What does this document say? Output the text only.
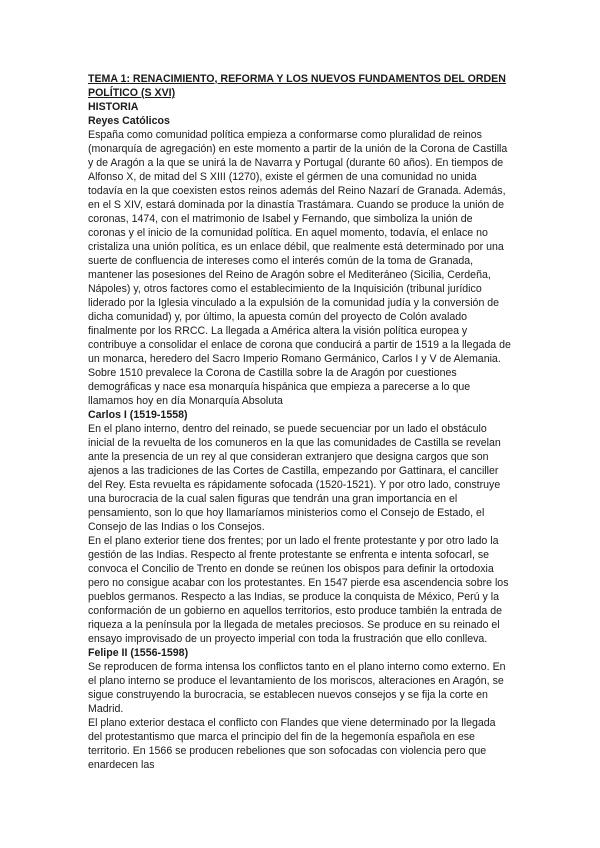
TEMA 1: RENACIMIENTO, REFORMA Y LOS NUEVOS FUNDAMENTOS DEL ORDEN POLÍTICO (S XVI)
HISTORIA
Reyes Católicos

España como comunidad política empieza a conformarse como pluralidad de reinos (monarquía de agregación) en este momento a partir de la unión de la Corona de Castilla y de Aragón a la que se unirá la de Navarra y Portugal (durante 60 años). En tiempos de Alfonso X, de mitad del S XIII (1270), existe el gérmen de una comunidad no unida todavía en la que coexisten estos reinos además del Reino Nazarí de Granada. Además, en el S XIV, estará dominada por la dinastía Trastámara. Cuando se produce la unión de coronas, 1474, con el matrimonio de Isabel y Fernando, que simboliza la unión de coronas y el inicio de la comunidad política. En aquel momento, todavía, el enlace no cristaliza una unión política, es un enlace débil, que realmente está determinado por una suerte de confluencia de intereses como el interés común de la toma de Granada, mantener las posesiones del Reino de Aragón sobre el Mediteráneo (Sicilia, Cerdeña, Nápoles) y, otros factores como el establecimiento de la Inquisición (tribunal jurídico liderado por la Iglesia vinculado a la expulsión de la comunidad judía y la conversión de dicha comunidad) y, por último, la apuesta común del proyecto de Colón avalado finalmente por los RRCC. La llegada a América altera la visión política europea y contribuye a consolidar el enlace de corona que conducirá a partir de 1519 a la llegada de un monarca, heredero del Sacro Imperio Romano Germánico, Carlos I y V de Alemania.

Sobre 1510 prevalece la Corona de Castilla sobre la de Aragón por cuestiones demográficas y nace esa monarquía hispánica que empieza a parecerse a lo que llamamos hoy en día Monarquía Absoluta

Carlos I (1519-1558)

En el plano interno, dentro del reinado, se puede secuenciar por un lado el obstáculo inicial de la revuelta de los comuneros en la que las comunidades de Castilla se revelan ante la presencia de un rey al que consideran extranjero que designa cargos que son ajenos a las tradiciones de las Cortes de Castilla, empezando por Gattinara, el canciller del Rey. Esta revuelta es rápidamente sofocada (1520-1521). Y por otro lado, construye una burocracia de la cual salen figuras que tendrán una gran importancia en el pensamiento, son lo que hoy llamaríamos ministerios como el Consejo de Estado, el Consejo de las Indias o los Consejos.

En el plano exterior tiene dos frentes; por un lado el frente protestante y por otro lado la gestión de las Indias. Respecto al frente protestante se enfrenta e intenta sofocarl, se convoca el Concilio de Trento en donde se reúnen los obispos para definir la ortodoxia pero no consigue acabar con los protestantes. En 1547 pierde esa ascendencia sobre los pueblos germanos. Respecto a las Indias, se produce la conquista de México, Perú y la conformación de un gobierno en aquellos territorios, esto produce también la entrada de riqueza a la península por la llegada de metales preciosos. Se produce en su reinado el ensayo improvisado de un proyecto imperial con toda la frustración que ello conlleva.

Felipe II (1556-1598)

Se reproducen de forma intensa los conflictos tanto en el plano interno como externo. En el plano interno se produce el levantamiento de los moriscos, alteraciones en Aragón, se sigue construyendo la burocracia, se establecen nuevos consejos y se fija la corte en Madrid.

El plano exterior destaca el conflicto con Flandes que viene determinado por la llegada del protestantismo que marca el principio del fin de la hegemonía española en ese territorio. En 1566 se producen rebeliones que son sofocadas con violencia pero que enardecen las
